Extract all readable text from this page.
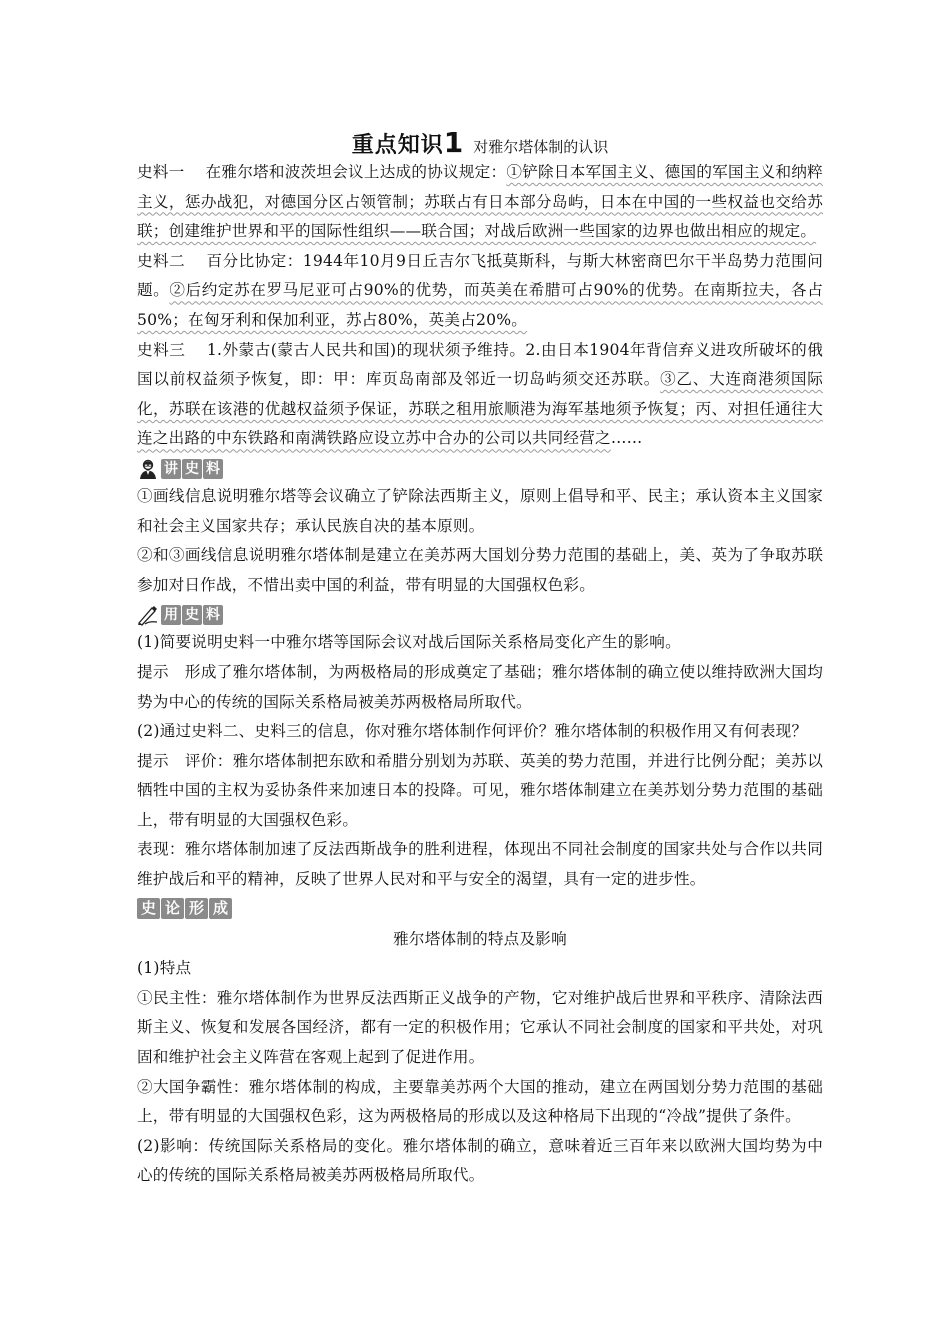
重点知识1 对雅尔塔体制的认识

史料一　 在雅尔塔和波茨坦会议上达成的协议规定：①铲除日本军国主义、德国的军国主义和纳粹主义，惩办战犯，对德国分区占领管制；苏联占有日本部分岛屿，日本在中国的一些权益也交给苏联；创建维护世界和平的国际性组织——联合国；对战后欧洲一些国家的边界也做出相应的规定。

史料二　 百分比协定：1944年10月9日丘吉尔飞抵莫斯科，与斯大林密商巴尔干半岛势力范围问题。②后约定苏在罗马尼亚可占90%的优势，而英美在希腊可占90%的优势。在南斯拉夫，各占50%；在匈牙利和保加利亚，苏占80%，英美占20%。

史料三　 1.外蒙古(蒙古人民共和国)的现状须予维持。2.由日本1904年背信弃义进攻所破坏的俄国以前权益须予恢复，即：甲：库页岛南部及邻近一切岛屿须交还苏联。③乙、大连商港须国际化，苏联在该港的优越权益须予保证，苏联之租用旅顺港为海军基地须予恢复；丙、对担任通往大连之出路的中东铁路和南满铁路应设立苏中合办的公司以共同经营之……

讲 史 料

①画线信息说明雅尔塔等会议确立了铲除法西斯主义，原则上倡导和平、民主；承认资本主义国家和社会主义国家共存；承认民族自决的基本原则。

②和③画线信息说明雅尔塔体制是建立在美苏两大国划分势力范围的基础上，美、英为了争取苏联参加对日作战，不惜出卖中国的利益，带有明显的大国强权色彩。

用 史 料

(1)简要说明史料一中雅尔塔等国际会议对战后国际关系格局变化产生的影响。

提示　形成了雅尔塔体制，为两极格局的形成奠定了基础；雅尔塔体制的确立使以维持欧洲大国均势为中心的传统的国际关系格局被美苏两极格局所取代。

(2)通过史料二、史料三的信息，你对雅尔塔体制作何评价？雅尔塔体制的积极作用又有何表现？

提示　评价：雅尔塔体制把东欧和希腊分别划为苏联、英美的势力范围，并进行比例分配；美苏以牺牲中国的主权为妥协条件来加速日本的投降。可见，雅尔塔体制建立在美苏划分势力范围的基础上，带有明显的大国强权色彩。

表现：雅尔塔体制加速了反法西斯战争的胜利进程，体现出不同社会制度的国家共处与合作以共同维护战后和平的精神，反映了世界人民对和平与安全的渴望，具有一定的进步性。

史 论 形 成

雅尔塔体制的特点及影响

(1)特点

①民主性：雅尔塔体制作为世界反法西斯正义战争的产物，它对维护战后世界和平秩序、清除法西斯主义、恢复和发展各国经济，都有一定的积极作用；它承认不同社会制度的国家和平共处，对巩固和维护社会主义阵营在客观上起到了促进作用。

②大国争霸性：雅尔塔体制的构成，主要靠美苏两个大国的推动，建立在两国划分势力范围的基础上，带有明显的大国强权色彩，这为两极格局的形成以及这种格局下出现的“冷战”提供了条件。

(2)影响：传统国际关系格局的变化。雅尔塔体制的确立，意味着近三百年来以欧洲大国均势为中心的传统的国际关系格局被美苏两极格局所取代。
